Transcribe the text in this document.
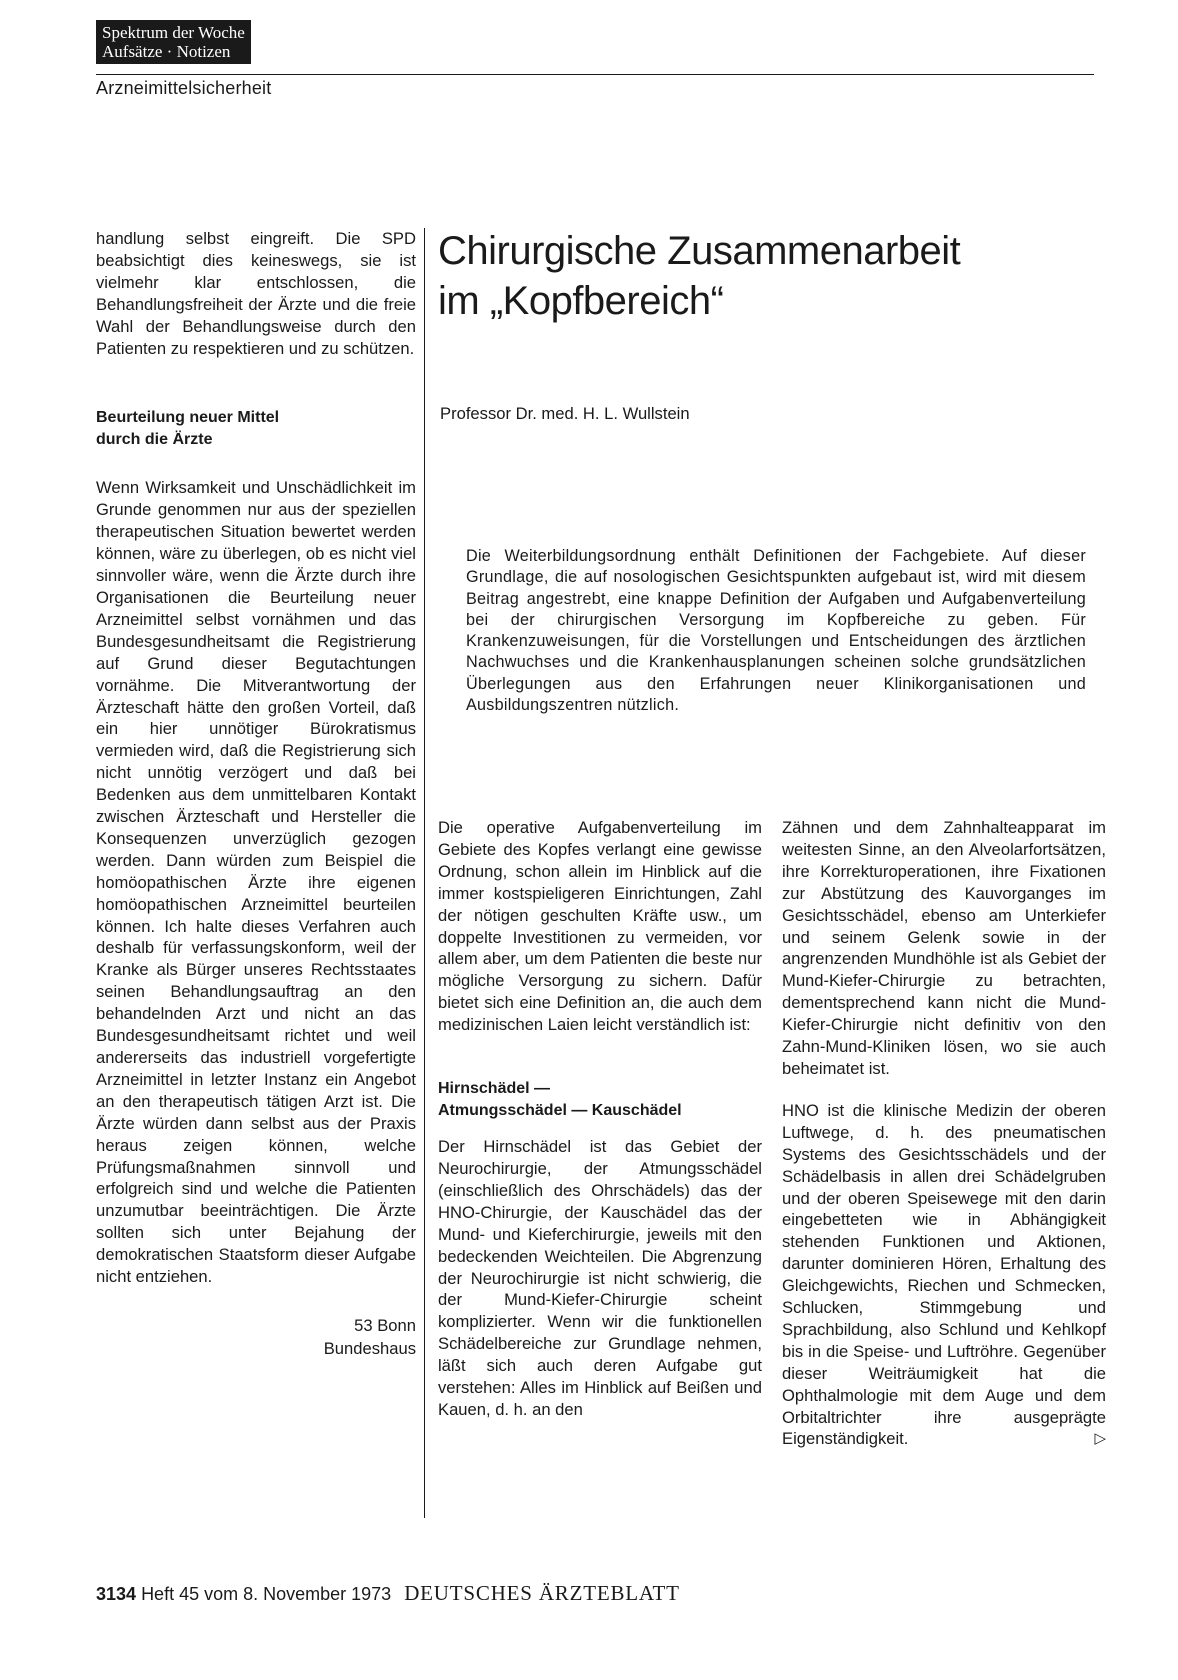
Spektrum der Woche
Aufsätze · Notizen
Arzneimittelsicherheit

handlung selbst eingreift. Die SPD beabsichtigt dies keineswegs, sie ist vielmehr klar entschlossen, die Behandlungsfreiheit der Ärzte und die freie Wahl der Behandlungsweise durch den Patienten zu respektieren und zu schützen.

Beurteilung neuer Mittel
durch die Ärzte

Wenn Wirksamkeit und Unschädlichkeit im Grunde genommen nur aus der speziellen therapeutischen Situation bewertet werden können, wäre zu überlegen, ob es nicht viel sinnvoller wäre, wenn die Ärzte durch ihre Organisationen die Beurteilung neuer Arzneimittel selbst vornähmen und das Bundesgesundheitsamt die Registrierung auf Grund dieser Begutachtungen vornähme. Die Mitverantwortung der Ärzteschaft hätte den großen Vorteil, daß ein hier unnötiger Bürokratismus vermieden wird, daß die Registrierung sich nicht unnötig verzögert und daß bei Bedenken aus dem unmittelbaren Kontakt zwischen Ärzteschaft und Hersteller die Konsequenzen unverzüglich gezogen werden. Dann würden zum Beispiel die homöopathischen Ärzte ihre eigenen homöopathischen Arzneimittel beurteilen können. Ich halte dieses Verfahren auch deshalb für verfassungskonform, weil der Kranke als Bürger unseres Rechtsstaates seinen Behandlungsauftrag an den behandelnden Arzt und nicht an das Bundesgesundheitsamt richtet und weil andererseits das industriell vorgefertigte Arzneimittel in letzter Instanz ein Angebot an den therapeutisch tätigen Arzt ist. Die Ärzte würden dann selbst aus der Praxis heraus zeigen können, welche Prüfungsmaßnahmen sinnvoll und erfolgreich sind und welche die Patienten unzumutbar beeinträchtigen. Die Ärzte sollten sich unter Bejahung der demokratischen Staatsform dieser Aufgabe nicht entziehen.

53 Bonn
Bundeshaus
Chirurgische Zusammenarbeit
im „Kopfbereich“
Professor Dr. med. H. L. Wullstein

Die Weiterbildungsordnung enthält Definitionen der Fachgebiete. Auf dieser Grundlage, die auf nosologischen Gesichtspunkten aufgebaut ist, wird mit diesem Beitrag angestrebt, eine knappe Definition der Aufgaben und Aufgabenverteilung bei der chirurgischen Versorgung im Kopfbereiche zu geben. Für Krankenzuweisungen, für die Vorstellungen und Entscheidungen des ärztlichen Nachwuchses und die Krankenhausplanungen scheinen solche grundsätzlichen Überlegungen aus den Erfahrungen neuer Klinikorganisationen und Ausbildungszentren nützlich.

Die operative Aufgabenverteilung im Gebiete des Kopfes verlangt eine gewisse Ordnung, schon allein im Hinblick auf die immer kostspieligeren Einrichtungen, Zahl der nötigen geschulten Kräfte usw., um doppelte Investitionen zu vermeiden, vor allem aber, um dem Patienten die beste nur mögliche Versorgung zu sichern. Dafür bietet sich eine Definition an, die auch dem medizinischen Laien leicht verständlich ist:

Hirnschädel —
Atmungsschädel — Kauschädel

Der Hirnschädel ist das Gebiet der Neurochirurgie, der Atmungsschädel (einschließlich des Ohrschädels) das der HNO-Chirurgie, der Kauschädel das der Mund- und Kieferchirurgie, jeweils mit den bedeckenden Weichteilen. Die Abgrenzung der Neurochirurgie ist nicht schwierig, die der Mund-Kiefer-Chirurgie scheint komplizierter. Wenn wir die funktionellen Schädelbereiche zur Grundlage nehmen, läßt sich auch deren Aufgabe gut verstehen: Alles im Hinblick auf Beißen und Kauen, d. h. an den

Zähnen und dem Zahnhalteapparat im weitesten Sinne, an den Alveolarfortsätzen, ihre Korrekturoperationen, ihre Fixationen zur Abstützung des Kauvorganges im Gesichtsschädel, ebenso am Unterkiefer und seinem Gelenk sowie in der angrenzenden Mundhöhle ist als Gebiet der Mund-Kiefer-Chirurgie zu betrachten, dementsprechend kann nicht die Mund-Kiefer-Chirurgie nicht definitiv von den Zahn-Mund-Kliniken lösen, wo sie auch beheimatet ist.

HNO ist die klinische Medizin der oberen Luftwege, d. h. des pneumatischen Systems des Gesichtsschädels und der Schädelbasis in allen drei Schädelgruben und der oberen Speisewege mit den darin eingebetteten wie in Abhängigkeit stehenden Funktionen und Aktionen, darunter dominieren Hören, Erhaltung des Gleichgewichts, Riechen und Schmecken, Schlucken, Stimmgebung und Sprachbildung, also Schlund und Kehlkopf bis in die Speise- und Luftröhre. Gegenüber dieser Weiträumigkeit hat die Ophthalmologie mit dem Auge und dem Orbitaltrichter ihre ausgeprägte Eigenständigkeit.	▷

3134 Heft 45 vom 8. November 1973 DEUTSCHES ÄRZTEBLATT
